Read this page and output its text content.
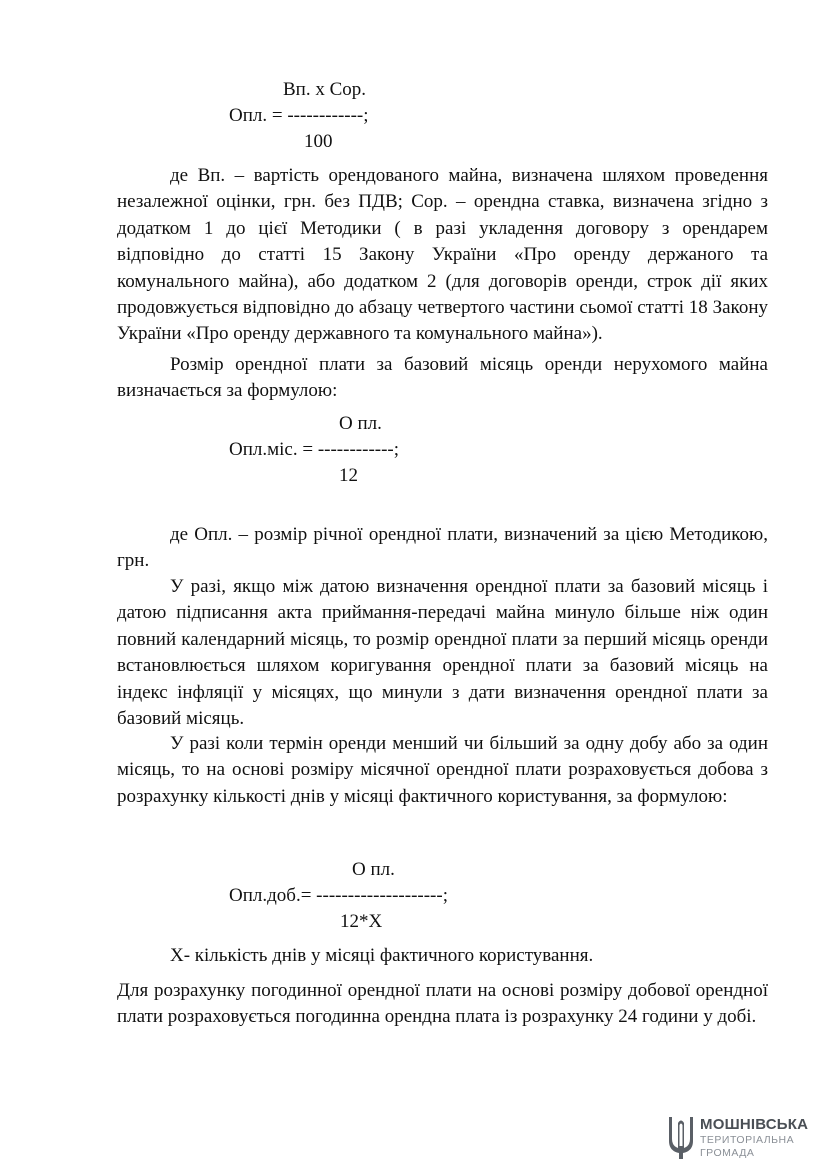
Вп. х Сор.
Опл. = ------------;
100

де Вп. – вартість орендованого майна, визначена шляхом проведення незалежної оцінки, грн. без ПДВ; Сор. – орендна ставка, визначена згідно з додатком 1 до цієї Методики ( в разі укладення договору з орендарем відповідно до статті 15 Закону України «Про оренду держаного та комунального майна), або додатком 2 (для договорів оренди, строк дії яких продовжується відповідно до абзацу четвертого частини сьомої статті 18 Закону України «Про оренду державного та комунального майна»).

Розмір орендної плати за базовий місяць оренди нерухомого майна визначається за формулою:

О пл.
Опл.міс. = ------------;
12

де Опл. – розмір річної орендної плати, визначений за цією Методикою, грн.

У разі, якщо між датою визначення орендної плати за базовий місяць і датою підписання акта приймання-передачі майна минуло більше ніж один повний календарний місяць, то розмір орендної плати за перший місяць оренди встановлюється шляхом коригування орендної плати за базовий місяць на індекс інфляції у місяцях, що минули з дати визначення орендної плати за базовий місяць.

У разі коли термін оренди менший чи більший за одну добу або за один місяць, то на основі розміру місячної орендної плати розраховується добова з розрахунку кількості днів у місяці фактичного користування, за формулою:

О пл.
Опл.доб.= --------------------;
12*Х
Х- кількість днів у місяці фактичного користування.

Для розрахунку погодинної орендної плати на основі розміру добової орендної плати розраховується погодинна орендна плата із розрахунку 24 години у добі.

МОШНІВСЬКА
ТЕРИТОРІАЛЬНА
ГРОМАДА
